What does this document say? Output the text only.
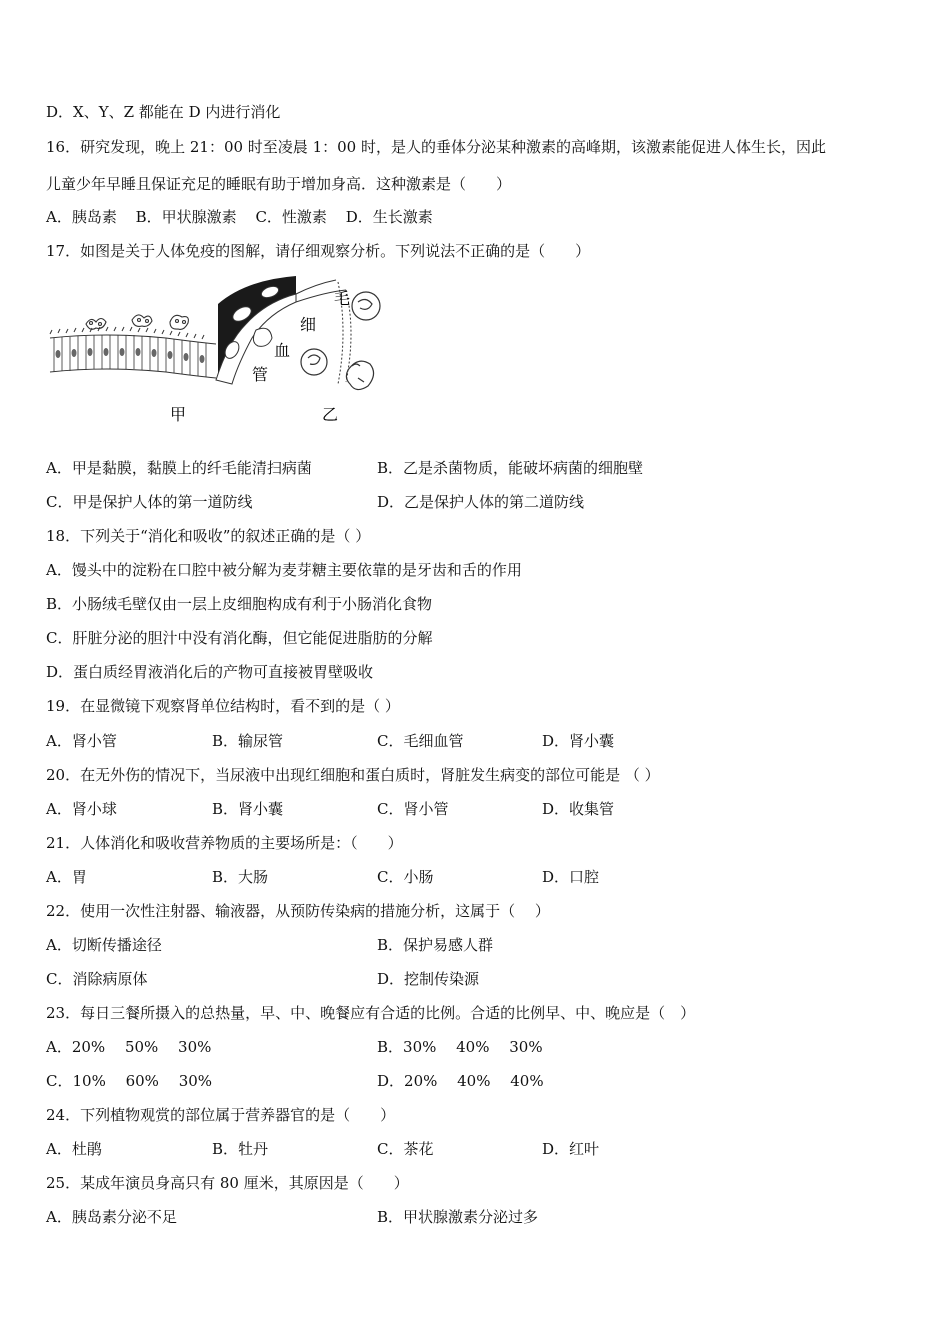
D．X、Y、Z 都能在 D 内进行消化
16．研究发现，晚上 21：00 时至凌晨 1：00 时，是人的垂体分泌某种激素的高峰期，该激素能促进人体生长，因此
儿童少年早睡且保证充足的睡眠有助于增加身高．这种激素是（　　）
A．胰岛素 B．甲状腺激素 C．性激素 D．生长激素
17．如图是关于人体免疫的图解，请仔细观察分析。下列说法不正确的是（　　）
毛
细
血
管
甲	乙
A．甲是黏膜，黏膜上的纤毛能清扫病菌	B．乙是杀菌物质，能破坏病菌的细胞壁
C．甲是保护人体的第一道防线	D．乙是保护人体的第二道防线
18．下列关于“消化和吸收”的叙述正确的是（ ）
A．馒头中的淀粉在口腔中被分解为麦芽糖主要依靠的是牙齿和舌的作用
B．小肠绒毛壁仅由一层上皮细胞构成有利于小肠消化食物
C．肝脏分泌的胆汁中没有消化酶，但它能促进脂肪的分解
D．蛋白质经胃液消化后的产物可直接被胃壁吸收
19．在显微镜下观察肾单位结构时，看不到的是（ ）
A．肾小管	B．输尿管	C．毛细血管	D．肾小囊
20．在无外伤的情况下，当尿液中出现红细胞和蛋白质时，肾脏发生病变的部位可能是 （ ）
A．肾小球	B．肾小囊	C．肾小管	D．收集管
21．人体消化和吸收营养物质的主要场所是：（　　）
A．胃	B．大肠	C．小肠	D．口腔
22．使用一次性注射器、输液器，从预防传染病的措施分析，这属于（　 ）
A．切断传播途径	B．保护易感人群
C．消除病原体	D．挖制传染源
23．每日三餐所摄入的总热量，早、中、晚餐应有合适的比例。合适的比例早、中、晚应是（　）
A．20%　 50%　 30%	B．30%　 40%　 30%
C．10%　 60%　 30%	D．20%　 40%　 40%
24．下列植物观赏的部位属于营养器官的是（　　）
A．杜鹃	B．牡丹	C．茶花	D．红叶
25．某成年演员身高只有 80 厘米，其原因是（　　）
A．胰岛素分泌不足	B．甲状腺激素分泌过多
